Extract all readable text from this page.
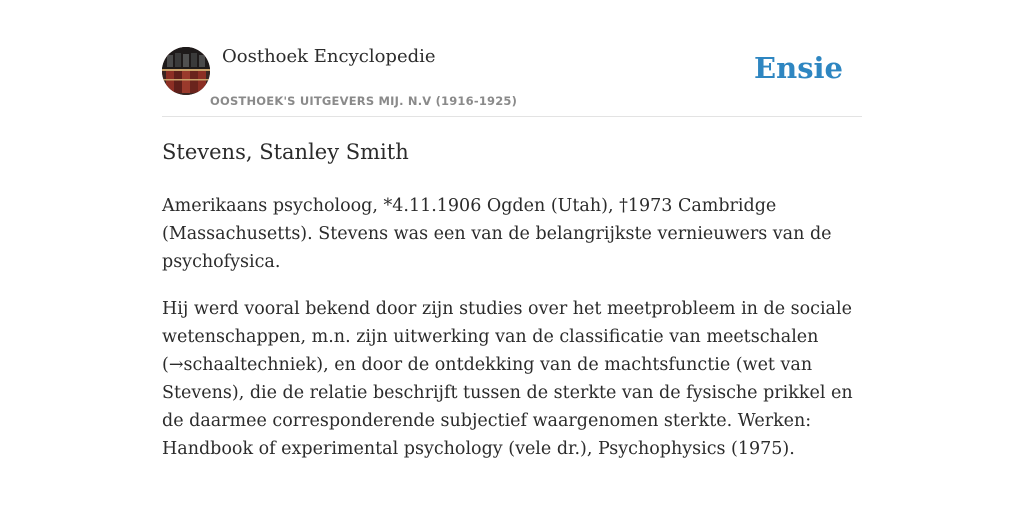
Oosthoek Encyclopedie
OOSTHOEK'S UITGEVERS MIJ. N.V (1916-1925)
Ensie
Stevens, Stanley Smith

Amerikaans psycholoog, *4.11.1906 Ogden (Utah), †1973 Cambridge (Massachusetts). Stevens was een van de belangrijkste vernieuwers van de psychofysica.

Hij werd vooral bekend door zijn studies over het meetprobleem in de sociale wetenschappen, m.n. zijn uitwerking van de classificatie van meetschalen (→schaaltechniek), en door de ontdekking van de machtsfunctie (wet van Stevens), die de relatie beschrijft tussen de sterkte van de fysische prikkel en de daarmee corresponderende subjectief waargenomen sterkte. Werken: Handbook of experimental psychology (vele dr.), Psychophysics (1975).
